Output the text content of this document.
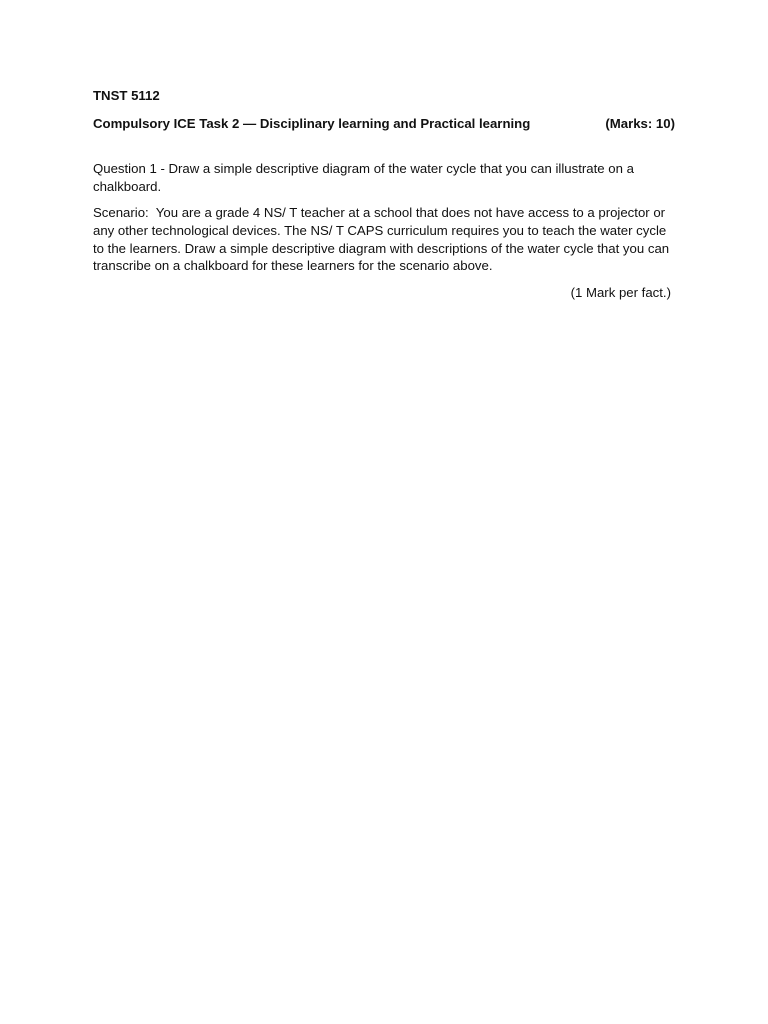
TNST 5112

Compulsory ICE Task 2 — Disciplinary learning and Practical learning	(Marks: 10)

Question 1 - Draw a simple descriptive diagram of the water cycle that you can illustrate on a chalkboard.

Scenario:  You are a grade 4 NS/ T teacher at a school that does not have access to a projector or any other technological devices. The NS/ T CAPS curriculum requires you to teach the water cycle to the learners. Draw a simple descriptive diagram with descriptions of the water cycle that you can transcribe on a chalkboard for these learners for the scenario above.

(1 Mark per fact.)
